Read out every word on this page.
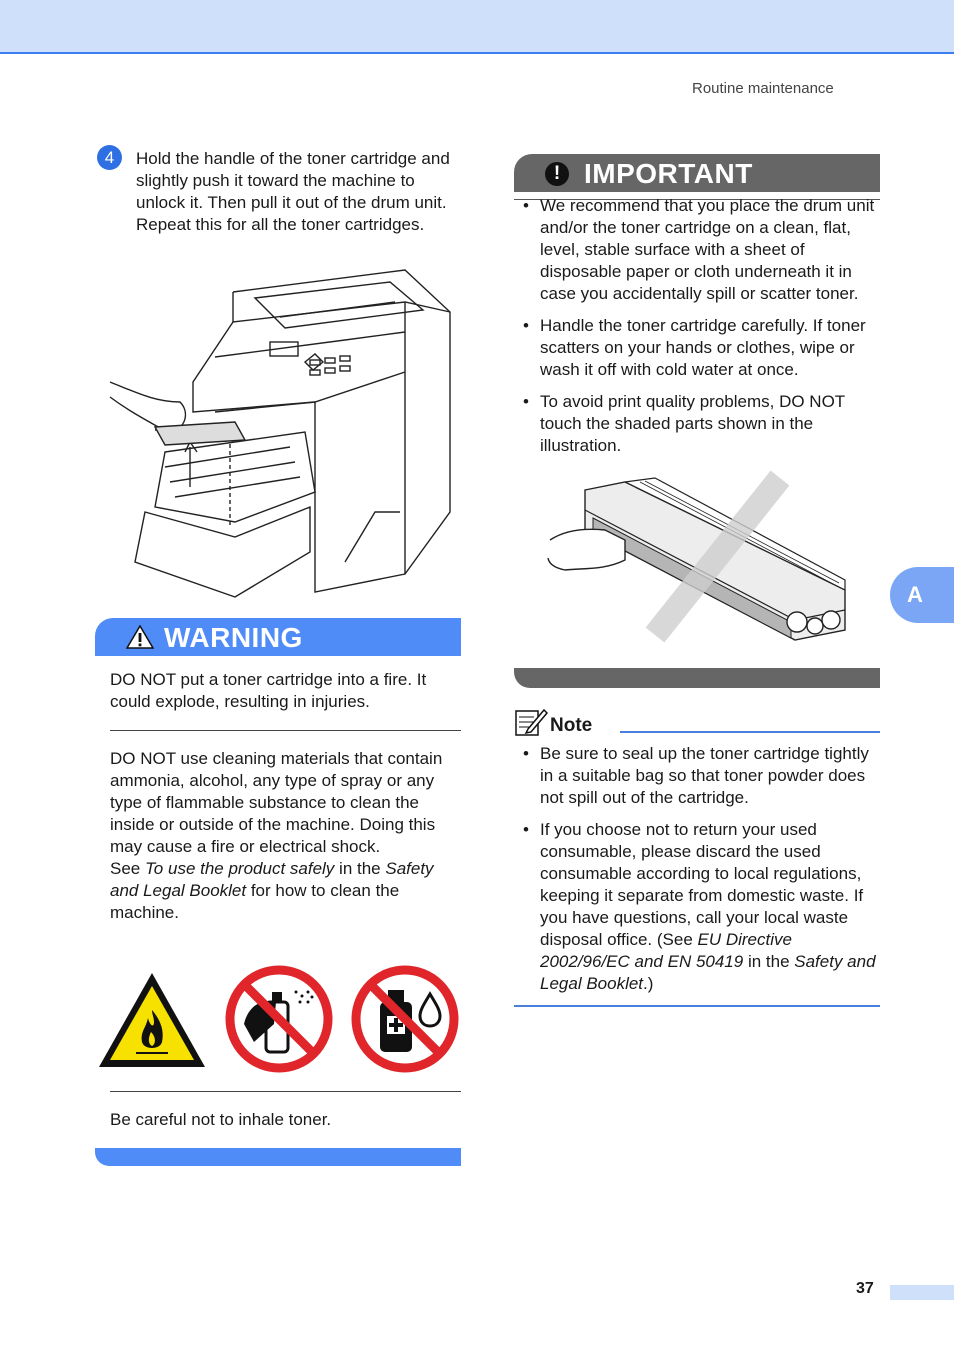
Routine maintenance
4	Hold the handle of the toner cartridge and slightly push it toward the machine to unlock it. Then pull it out of the drum unit. Repeat this for all the toner cartridges.
WARNING
DO NOT put a toner cartridge into a fire. It could explode, resulting in injuries.
DO NOT use cleaning materials that contain ammonia, alcohol, any type of spray or any type of flammable substance to clean the inside or outside of the machine. Doing this may cause a fire or electrical shock.
See To use the product safely in the Safety and Legal Booklet for how to clean the machine.
Be careful not to inhale toner.
! IMPORTANT
• We recommend that you place the drum unit and/or the toner cartridge on a clean, flat, level, stable surface with a sheet of disposable paper or cloth underneath it in case you accidentally spill or scatter toner.
• Handle the toner cartridge carefully. If toner scatters on your hands or clothes, wipe or wash it off with cold water at once.
• To avoid print quality problems, DO NOT touch the shaded parts shown in the illustration.
Note
• Be sure to seal up the toner cartridge tightly in a suitable bag so that toner powder does not spill out of the cartridge.
• If you choose not to return your used consumable, please discard the used consumable according to local regulations, keeping it separate from domestic waste. If you have questions, call your local waste disposal office. (See EU Directive 2002/96/EC and EN 50419 in the Safety and Legal Booklet.)
A
37
